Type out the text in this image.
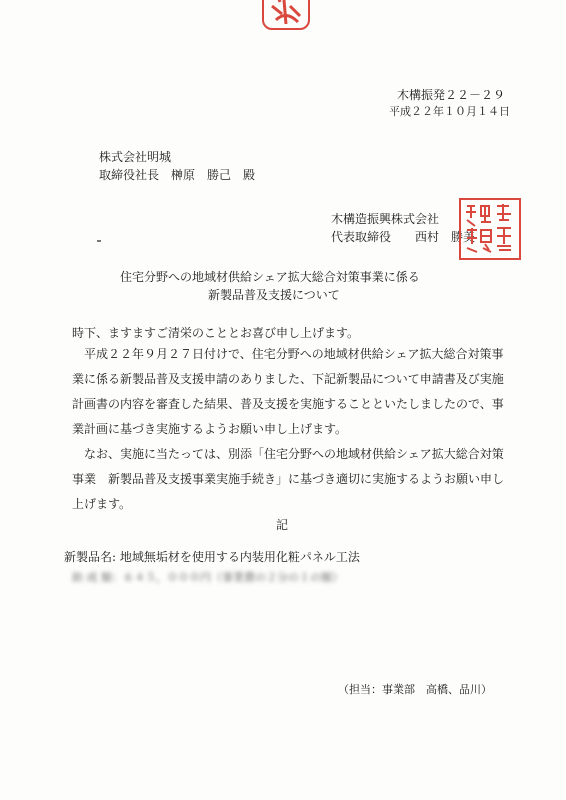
木構振発２２－２９
平成２２年１０月１４日
株式会社明城
取締役社長　榊原　勝己　殿
木構造振興株式会社
代表取締役　　西村　勝美
住宅分野への地域材供給シェア拡大総合対策事業に係る
新製品普及支援について
時下、ますますご清栄のこととお喜び申し上げます。
平成２２年９月２７日付けで、住宅分野への地域材供給シェア拡大総合対策事業に係る新製品普及支援申請のありました、下記新製品について申請書及び実施計画書の内容を審査した結果、普及支援を実施することといたしましたので、事業計画に基づき実施するようお願い申し上げます。
なお、実施に当たっては、別添「住宅分野への地域材供給シェア拡大総合対策事業　新製品普及支援事業実施手続き」に基づき適切に実施するようお願い申し上げます。
記
新製品名: 地域無垢材を使用する内装用化粧パネル工法
助 成 額：６４５，０００円（事業費の２分の１の額）
（担当：事業部　高橋、品川）
